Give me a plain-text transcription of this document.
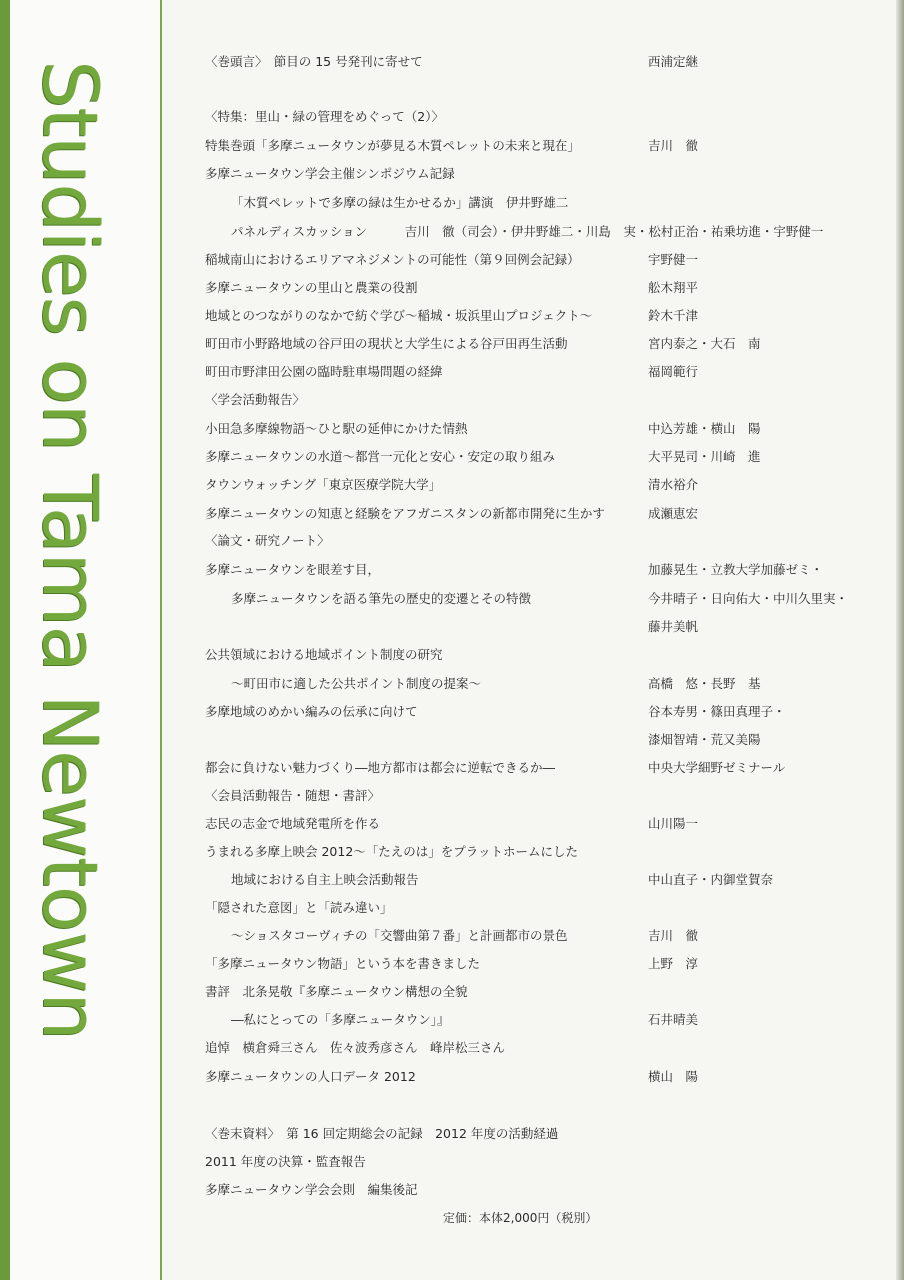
Studies on Tama Newtown	〈巻頭言〉　節目の 15 号発刊に寄せて	西浦定継
〈特集：里山・緑の管理をめぐって（2）〉
特集巻頭「多摩ニュータウンが夢見る木質ペレットの未来と現在」	吉川　徹
多摩ニュータウン学会主催シンポジウム記録
「木質ペレットで多摩の緑は生かせるか」講演　伊井野雄二
パネルディスカッション　　　吉川　徹（司会）・伊井野雄二・川島　実・松村正治・祐乗坊進・宇野健一
稲城南山におけるエリアマネジメントの可能性（第９回例会記録）	宇野健一
多摩ニュータウンの里山と農業の役割	舩木翔平
地域とのつながりのなかで紡ぐ学び～稲城・坂浜里山プロジェクト～	鈴木千津
町田市小野路地域の谷戸田の現状と大学生による谷戸田再生活動	宮内泰之・大石　南
町田市野津田公園の臨時駐車場問題の経緯	福岡範行
〈学会活動報告〉
小田急多摩線物語～ひと駅の延伸にかけた情熱	中込芳雄・横山　陽
多摩ニュータウンの水道～都営一元化と安心・安定の取り組み	大平晃司・川崎　進
タウンウォッチング「東京医療学院大学」	清水裕介
多摩ニュータウンの知恵と経験をアフガニスタンの新都市開発に生かす	成瀬恵宏
〈論文・研究ノート〉
多摩ニュータウンを眼差す目，	加藤晃生・立教大学加藤ゼミ・
多摩ニュータウンを語る筆先の歴史的変遷とその特徴	今井晴子・日向佑大・中川久里実・
藤井美帆
公共領域における地域ポイント制度の研究
～町田市に適した公共ポイント制度の提案～	高橋　悠・長野　基
多摩地域のめかい編みの伝承に向けて	谷本寿男・篠田真理子・
漆畑智靖・荒又美陽
都会に負けない魅力づくり―地方都市は都会に逆転できるか―	中央大学細野ゼミナール
〈会員活動報告・随想・書評〉
志民の志金で地域発電所を作る	山川陽一
うまれる多摩上映会 2012～「たえのは」をプラットホームにした
地域における自主上映会活動報告	中山直子・内御堂賀奈
「隠された意図」と「読み違い」
～ショスタコーヴィチの「交響曲第７番」と計画都市の景色	吉川　徹
「多摩ニュータウン物語」という本を書きました	上野　淳
書評　北条晃敬『多摩ニュータウン構想の全貌
―私にとっての「多摩ニュータウン」』	石井晴美
追悼　横倉舜三さん　佐々波秀彦さん　峰岸松三さん
多摩ニュータウンの人口データ 2012	横山　陽
〈巻末資料〉　第 16 回定期総会の記録　2012 年度の活動経過
2011 年度の決算・監査報告
多摩ニュータウン学会会則　編集後記
定価：本体2,000円（税別）
